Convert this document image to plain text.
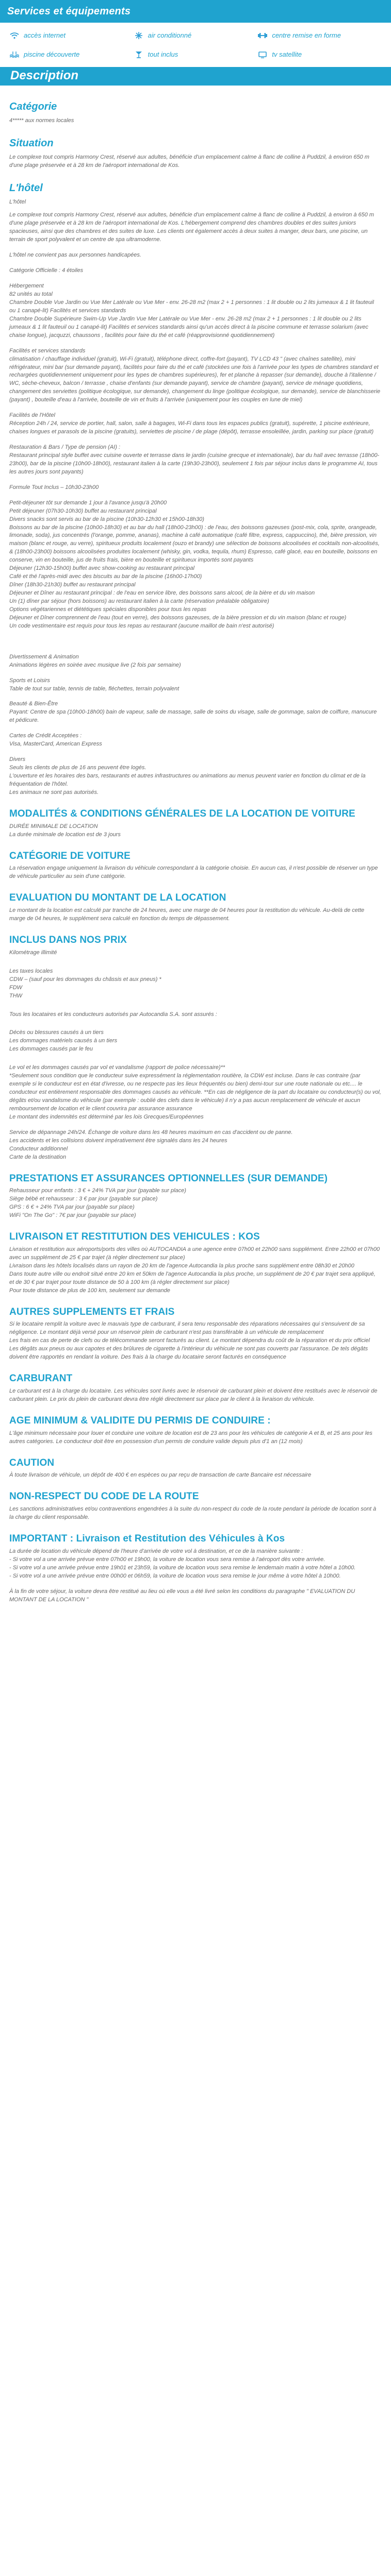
Services et équipements
accès internet	air conditionné	centre remise en forme
piscine découverte	tout inclus	tv satellite
Description
Catégorie

4***** aux normes locales

Situation

Le complexe tout compris Harmony Crest, réservé aux adultes, bénéficie d'un emplacement calme à flanc de colline à Puddzil, à environ 650 m d'une plage préservée et à 28 km de l'aéroport international de Kos.

L'hôtel

L'hôtel

Le complexe tout compris Harmony Crest, réservé aux adultes, bénéficie d'un emplacement calme à flanc de colline à Puddzil, à environ à 650 m d'une plage préservée et à 28 km de l'aéroport international de Kos. L'hébergement comprend des chambres doubles et des suites juniors spacieuses, ainsi que des chambres et des suites de luxe. Les clients ont également accès à deux suites à manger, deux bars, une piscine, un terrain de sport polyvalent et un centre de spa ultramoderne.

L'hôtel ne convient pas aux personnes handicapées.

Catégorie Officielle : 4 étoiles

Hébergement

82 unités au total

Chambre Double Vue Jardin ou Vue Mer Latérale ou Vue Mer - env. 26-28 m2 (max 2 + 1 personnes : 1 lit double ou 2 lits jumeaux & 1 lit fauteuil ou 1 canapé-lit) Facilités et services standards

Chambre Double Supérieure Swim-Up Vue Jardin Vue Mer Latérale ou Vue Mer - env. 26-28 m2 (max 2 + 1 personnes : 1 lit double ou 2 lits jumeaux & 1 lit fauteuil ou 1 canapé-lit) Facilités et services standards ainsi qu'un accès direct à la piscine commune et terrasse solarium (avec chaise longue), jacquzzi, chaussons , facilités pour faire du thé et café (réapprovisionné quotidiennement)

Facilités et services standards

climatisation / chauffage individuel (gratuit), Wi-Fi (gratuit), téléphone direct, coffre-fort (payant), TV LCD 43 " (avec chaînes satellite), mini réfrigérateur, mini bar (sur demande payant), facilités pour faire du thé et café (stockées une fois à l'arrivée pour les types de chambres standard et rechargées quotidiennement uniquement pour les types de chambres supérieures), fer et planche à repasser (sur demande), douche à l'italienne / WC, sèche-cheveux, balcon / terrasse , chaise d'enfants (sur demande payant), service de chambre (payant), service de ménage quotidiens, changement des serviettes (politique écologique, sur demande), changement du linge (politique écologique, sur demande), service de blanchisserie (payant) , bouteille d'eau à l'arrivée, bouteille de vin et fruits à l'arrivée (uniquement pour les couples en lune de miel)

Facilités de l'Hôtel

Réception 24h / 24, service de portier, hall, salon, salle à bagages, Wi-Fi dans tous les espaces publics (gratuit), supérette, 1 piscine extérieure, chaises longues et parasols de la piscine (gratuits), serviettes de piscine / de plage (dépôt), terrasse ensoleillée, jardin, parking sur place (gratuit)

Restauration & Bars / Type de pension (AI) :

Restaurant principal style buffet avec cuisine ouverte et terrasse dans le jardin (cuisine grecque et internationale), bar du hall avec terrasse (18h00-23h00), bar de la piscine (10h00-18h00), restaurant italien à la carte (19h30-23h00), seulement 1 fois par séjour inclus dans le programme AI, tous les autres jours sont payants)

Formule Tout Inclus – 10h30-23h00

Petit-déjeuner tôt sur demande 1 jour à l'avance jusqu'à 20h00

Petit déjeuner (07h30-10h30) buffet au restaurant principal

Divers snacks sont servis au bar de la piscine (10h30-12h30 et 15h00-18h30)

Boissons au bar de la piscine (10h00-18h30) et au bar du hall (18h00-23h00) : de l'eau, des boissons gazeuses (post-mix, cola, sprite, orangeade, limonade, soda), jus concentrés (l'orange, pomme, ananas), machine à café automatique (café filtre, express, cappuccino), thé, bière pression, vin maison (blanc et rouge, au verre), spiritueux produits localement (ouzo et brandy) une sélection de boissons alcoolisées et cocktails non-alcoolisés, & (18h00-23h00) boissons alcoolisées produites localement (whisky, gin, vodka, tequila, rhum) Espresso, café glacé, eau en bouteille, boissons en conserve, vin en bouteille, jus de fruits frais, bière en bouteille et spiritueux importés sont payants

Déjeuner (12h30-15h00) buffet avec show-cooking au restaurant principal

Café et thé l'après-midi avec des biscuits au bar de la piscine (16h00-17h00)

Dîner (18h30-21h30) buffet au restaurant principal

Déjeuner et Dîner au restaurant principal : de l'eau en service libre, des boissons sans alcool, de la bière et du vin maison

Un (1) dîner par séjour (hors boissons) au restaurant italien à la carte (réservation préalable obligatoire)

Options végétariennes et diététiques spéciales disponibles pour tous les repas

Déjeuner et Dîner comprennent de l'eau (tout en verre), des boissons gazeuses, de la bière pression et du vin maison (blanc et rouge)

Un code vestimentaire est requis pour tous les repas au restaurant (aucune maillot de bain n'est autorisé)

Divertissement & Animation

Animations légères en soirée avec musique live (2 fois par semaine)

Sports et Loisirs

Table de tout sur table, tennis de table, fléchettes, terrain polyvalent

Beauté & Bien-Être

Payant: Centre de spa (10h00-18h00) bain de vapeur, salle de massage, salle de soins du visage, salle de gommage, salon de coiffure, manucure et pédicure.

Cartes de Crédit Acceptées :

Visa, MasterCard, American Express

Divers

Seuls les clients de plus de 16 ans peuvent être logés.

L'ouverture et les horaires des bars, restaurants et autres infrastructures ou animations au menus peuvent varier en fonction du climat et de la fréquentation de l'hôtel.

Les animaux ne sont pas autorisés.

MODALITÉS & CONDITIONS GÉNÉRALES DE LA LOCATION DE VOITURE

DURÉE MINIMALE DE LOCATION

La durée minimale de location est de 3 jours

CATÉGORIE DE VOITURE

La réservation engage uniquement la livraison du véhicule correspondant à la catégorie choisie. En aucun cas, il n'est possible de réserver un type de véhicule particulier au sein d'une catégorie.

EVALUATION DU MONTANT DE LA LOCATION

Le montant de la location est calculé par tranche de 24 heures, avec une marge de 04 heures pour la restitution du véhicule. Au-delà de cette marge de 04 heures, le supplément sera calculé en fonction du temps de dépassement.

INCLUS DANS NOS PRIX

Kilométrage illimité

Les taxes locales

CDW – (sauf pour les dommages du châssis et aux pneus) *

FDW

THW

Tous les locataires et les conducteurs autorisés par Autocandia S.A. sont assurés :

Décès ou blessures causés à un tiers

Les dommages matériels causés à un tiers

Les dommages causés par le feu

Le vol et les dommages causés par vol et vandalisme (rapport de police nécessaire)**

*Seulement sous condition que le conducteur suive expressément la réglementation routière, la CDW est incluse. Dans le cas contraire (par exemple si le conducteur est en état d'ivresse, ou ne respecte pas les lieux fréquentés ou bien) demi-tour sur une route nationale ou etc.... le conducteur est entièrement responsable des dommages causés au véhicule. **En cas de négligence de la part du locataire ou conducteur(s) ou vol, dégâts et/ou vandalisme du véhicule (par exemple : oublié des clefs dans le véhicule) il n'y a pas aucun remplacement de véhicule et aucun remboursement de location et le client couvrira par assurance assurance

Le montant des indemnités est déterminé par les lois Grecques/Européennes

Service de dépannage 24h/24. Échange de voiture dans les 48 heures maximum en cas d'accident ou de panne.

Les accidents et les collisions doivent impérativement être signalés dans les 24 heures

Conducteur additionnel

Carte de la destination

PRESTATIONS ET ASSURANCES OPTIONNELLES (SUR DEMANDE)

Rehausseur pour enfants : 3 € + 24% TVA par jour (payable sur place)

Siège bébé et rehausseur : 3 € par jour (payable sur place)

GPS : 6 € + 24% TVA par jour (payable sur place)

WiFi "On The Go" : 7€ par jour (payable sur place)

LIVRAISON ET RESTITUTION DES VEHICULES : KOS

Livraison et restitution aux aéroports/ports des villes où AUTOCANDIA a une agence entre 07h00 et 22h00 sans supplément. Entre 22h00 et 07h00 avec un supplément de 25 € par trajet (à régler directement sur place)

Livraison dans les hôtels localisés dans un rayon de 20 km de l'agence Autocandia la plus proche sans supplément entre 08h30 et 20h00

Dans toute autre ville ou endroit situé entre 20 km et 50km de l'agence Autocandia la plus proche, un supplément de 20 € par trajet sera appliqué, et de 30 € par trajet pour toute distance de 50 à 100 km (à régler directement sur place)

Pour toute distance de plus de 100 km, seulement sur demande

AUTRES SUPPLEMENTS ET FRAIS

Si le locataire remplit la voiture avec le mauvais type de carburant, il sera tenu responsable des réparations nécessaires qui s'ensuivent de sa négligence. Le montant déjà versé pour un réservoir plein de carburant n'est pas transférable à un véhicule de remplacement

Les frais en cas de perte de clefs ou de télécommande seront facturés au client. Le montant dépendra du coût de la réparation et du prix officiel

Les dégâts aux pneus ou aux capotes et des brûlures de cigarette à l'intérieur du véhicule ne sont pas couverts par l'assurance. De tels dégâts doivent être rapportés en rendant la voiture. Des frais à la charge du locataire seront facturés en conséquence

CARBURANT

Le carburant est à la charge du locataire. Les véhicules sont livrés avec le réservoir de carburant plein et doivent être restitués avec le réservoir de carburant plein. Le prix du plein de carburant devra être réglé directement sur place par le client à la livraison du véhicule.

AGE MINIMUM & VALIDITE DU PERMIS DE CONDUIRE :

L'âge minimum nécessaire pour louer et conduire une voiture de location est de 23 ans pour les véhicules de catégorie A et B, et 25 ans pour les autres catégories. Le conducteur doit être en possession d'un permis de conduire valide depuis plus d'1 an (12 mois)

CAUTION

À toute livraison de véhicule, un dépôt de 400 € en espèces ou par reçu de transaction de carte Bancaire est nécessaire

NON-RESPECT DU CODE DE LA ROUTE

Les sanctions administratives et/ou contraventions engendrées à la suite du non-respect du code de la route pendant la période de location sont à la charge du client responsable.

IMPORTANT : Livraison et Restitution des Véhicules à Kos

La durée de location du véhicule dépend de l'heure d'arrivée de votre vol à destination, et ce de la manière suivante :

- Si votre vol a une arrivée prévue entre 07h00 et 19h00, la voiture de location vous sera remise à l'aéroport dès votre arrivée.

- Si votre vol a une arrivée prévue entre 19h01 et 23h59, la voiture de location vous sera remise le lendemain matin à votre hôtel a 10h00.

- Si votre vol a une arrivée prévue entre 00h00 et 06h59, la voiture de location vous sera remise le jour même à votre hôtel à 10h00.

À la fin de votre séjour, la voiture devra être restitué au lieu où elle vous a été livré selon les conditions du paragraphe " EVALUATION DU MONTANT DE LA LOCATION "
